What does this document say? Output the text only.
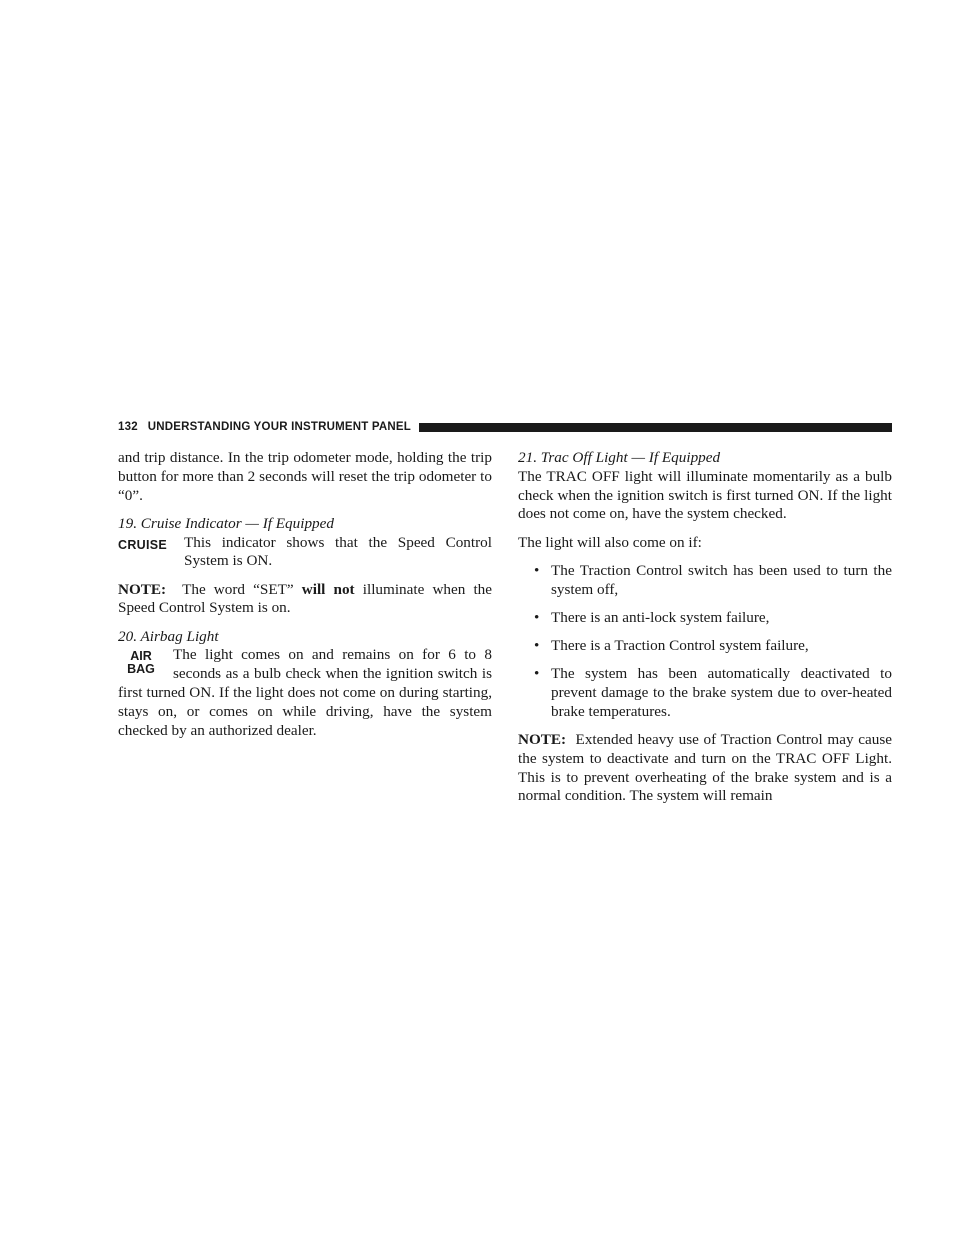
132 UNDERSTANDING YOUR INSTRUMENT PANEL

and trip distance. In the trip odometer mode, holding the trip button for more than 2 seconds will reset the trip odometer to “0”.

19. Cruise Indicator — If Equipped

CRUISE	This indicator shows that the Speed Control System is ON.

NOTE: The word “SET” will not illuminate when the Speed Control System is on.

20. Airbag Light

AIR
BAG
The light comes on and remains on for 6 to 8 seconds as a bulb check when the ignition switch is first turned ON. If the light does not come on during starting, stays on, or comes on while driving, have the system checked by an authorized dealer.

21. Trac Off Light — If Equipped

The TRAC OFF light will illuminate momentarily as a bulb check when the ignition switch is first turned ON. If the light does not come on, have the system checked.

The light will also come on if:

• The Traction Control switch has been used to turn the system off,
• There is an anti-lock system failure,
• There is a Traction Control system failure,
• The system has been automatically deactivated to prevent damage to the brake system due to over-heated brake temperatures.

NOTE: Extended heavy use of Traction Control may cause the system to deactivate and turn on the TRAC OFF Light. This is to prevent overheating of the brake system and is a normal condition. The system will remain
